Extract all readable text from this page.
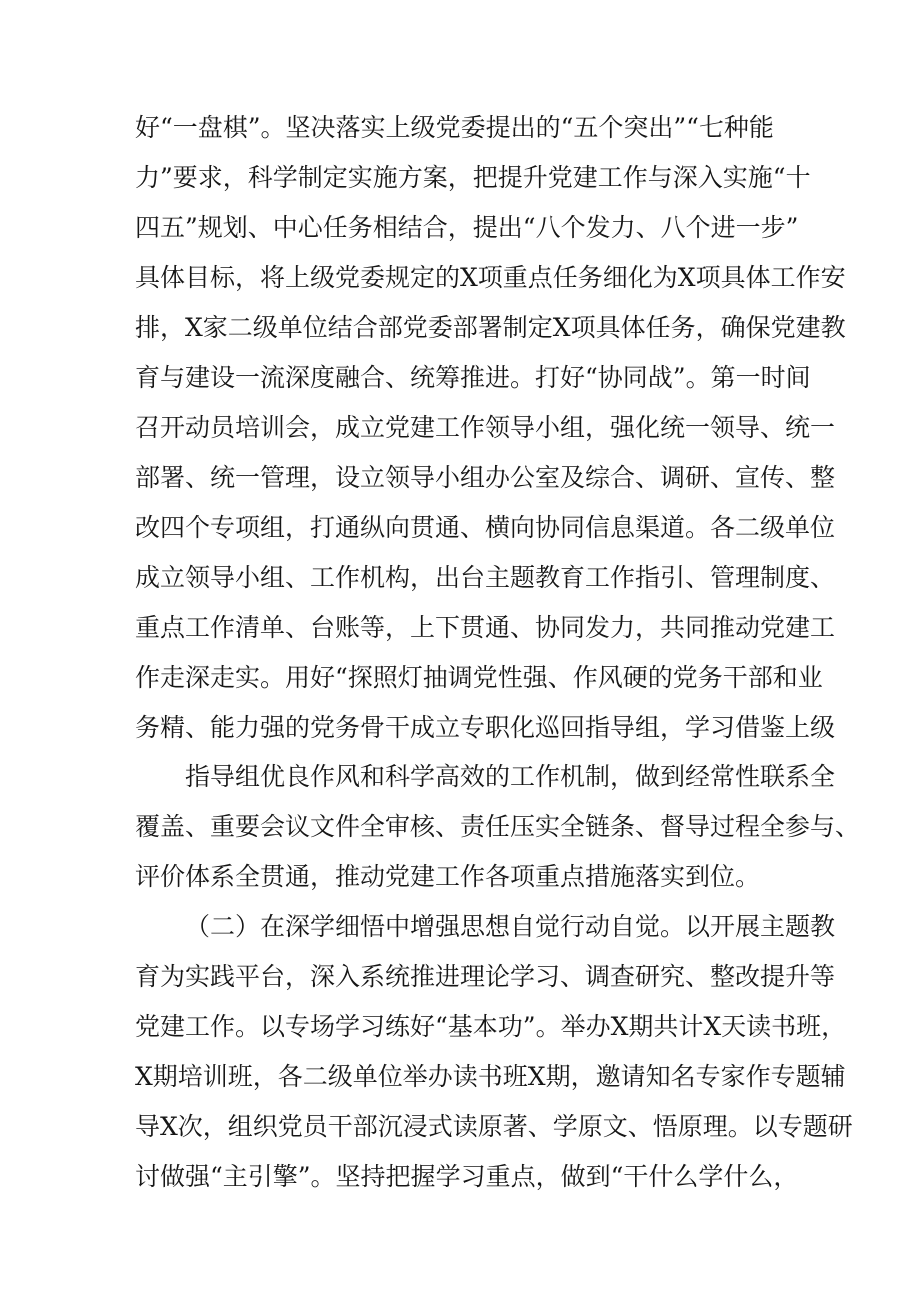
好“一盘棋”。坚决落实上级党委提出的“五个突出”“七种能
力”要求，科学制定实施方案，把提升党建工作与深入实施“十
四五”规划、中心任务相结合，提出“八个发力、八个进一步”
具体目标，将上级党委规定的X项重点任务细化为X项具体工作安
排，X家二级单位结合部党委部署制定X项具体任务，确保党建教
育与建设一流深度融合、统筹推进。打好“协同战”。第一时间
召开动员培训会，成立党建工作领导小组，强化统一领导、统一
部署、统一管理，设立领导小组办公室及综合、调研、宣传、整
改四个专项组，打通纵向贯通、横向协同信息渠道。各二级单位
成立领导小组、工作机构，出台主题教育工作指引、管理制度、
重点工作清单、台账等，上下贯通、协同发力，共同推动党建工
作走深走实。用好“探照灯抽调党性强、作风硬的党务干部和业
务精、能力强的党务骨干成立专职化巡回指导组，学习借鉴上级
指导组优良作风和科学高效的工作机制，做到经常性联系全
覆盖、重要会议文件全审核、责任压实全链条、督导过程全参与、
评价体系全贯通，推动党建工作各项重点措施落实到位。
（二）在深学细悟中增强思想自觉行动自觉。以开展主题教
育为实践平台，深入系统推进理论学习、调查研究、整改提升等
党建工作。以专场学习练好“基本功”。举办X期共计X天读书班，
X期培训班，各二级单位举办读书班X期，邀请知名专家作专题辅
导X次，组织党员干部沉浸式读原著、学原文、悟原理。以专题研
讨做强“主引擎”。坚持把握学习重点，做到“干什么学什么，
